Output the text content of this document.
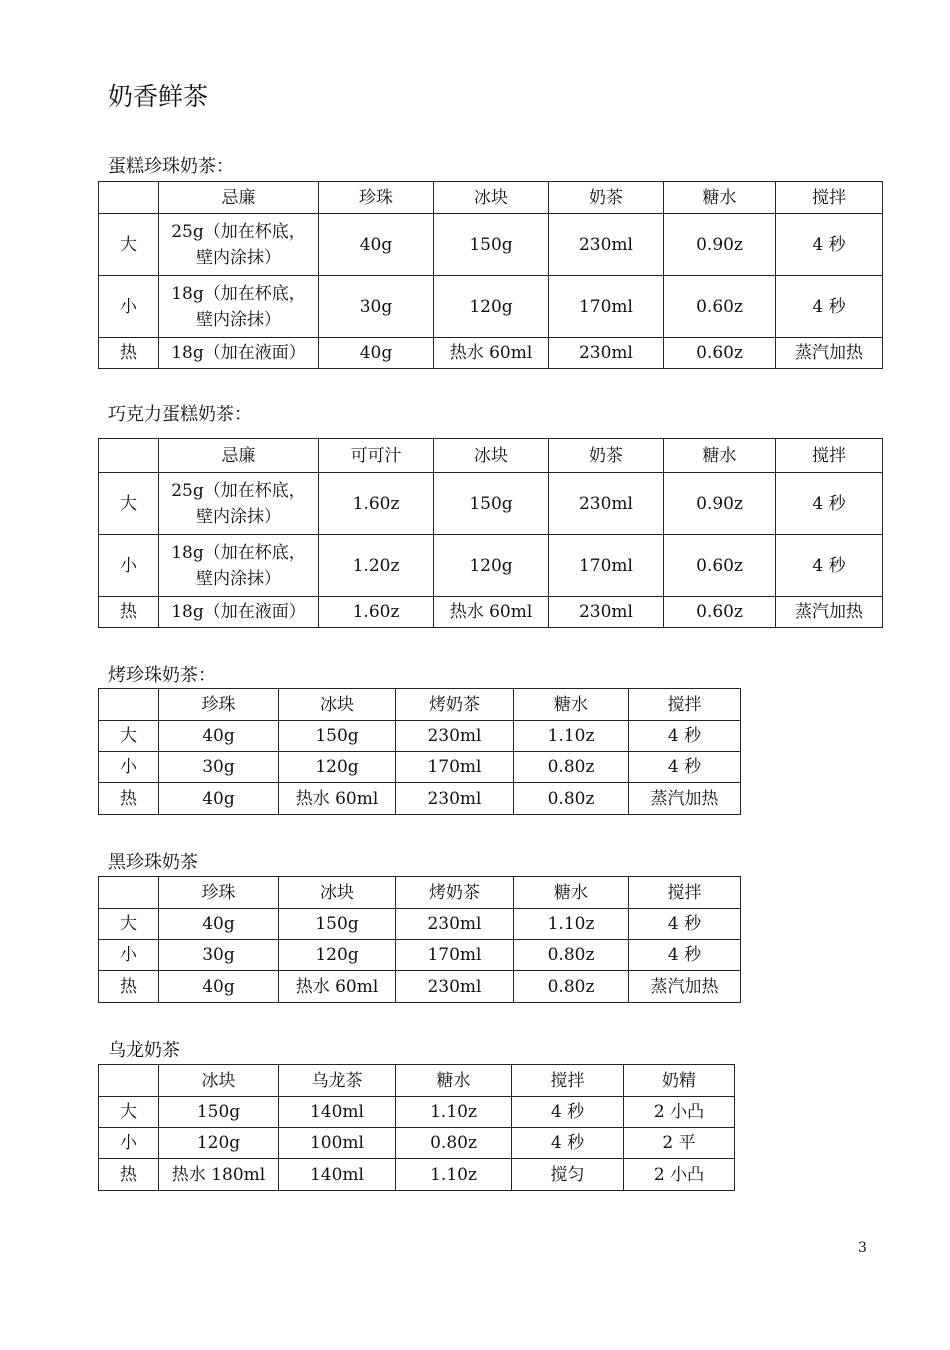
奶香鲜茶
蛋糕珍珠奶茶：
	忌廉	珍珠	冰块	奶茶	糖水	搅拌
大	25g（加在杯底，
壁内涂抹）	40g	150g	230ml	0.90z	4 秒
小	18g（加在杯底，
壁内涂抹）	30g	120g	170ml	0.60z	4 秒
热	18g（加在液面）	40g	热水 60ml	230ml	0.60z	蒸汽加热
巧克力蛋糕奶茶：
	忌廉	可可汁	冰块	奶茶	糖水	搅拌
大	25g（加在杯底，
壁内涂抹）	1.60z	150g	230ml	0.90z	4 秒
小	18g（加在杯底，
壁内涂抹）	1.20z	120g	170ml	0.60z	4 秒
热	18g（加在液面）	1.60z	热水 60ml	230ml	0.60z	蒸汽加热
烤珍珠奶茶：
	珍珠	冰块	烤奶茶	糖水	搅拌
大	40g	150g	230ml	1.10z	4 秒
小	30g	120g	170ml	0.80z	4 秒
热	40g	热水 60ml	230ml	0.80z	蒸汽加热
黑珍珠奶茶
	珍珠	冰块	烤奶茶	糖水	搅拌
大	40g	150g	230ml	1.10z	4 秒
小	30g	120g	170ml	0.80z	4 秒
热	40g	热水 60ml	230ml	0.80z	蒸汽加热
乌龙奶茶
	冰块	乌龙茶	糖水	搅拌	奶精
大	150g	140ml	1.10z	4 秒	2 小凸
小	120g	100ml	0.80z	4 秒	2 平
热	热水 180ml	140ml	1.10z	搅匀	2 小凸
3
